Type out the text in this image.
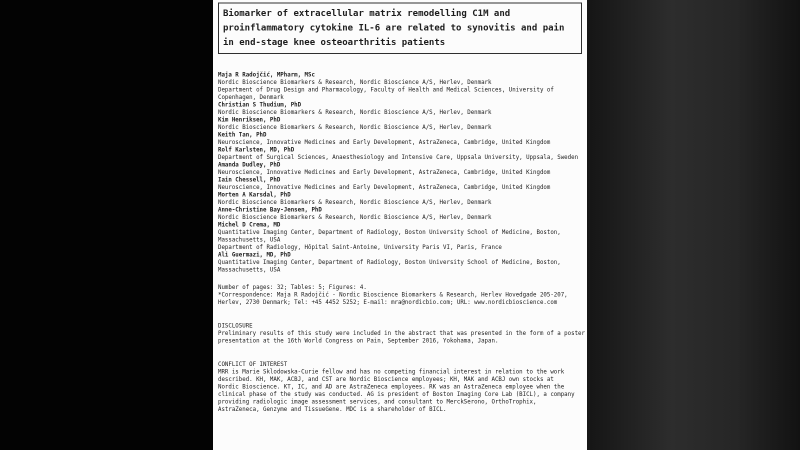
Biomarker of extracellular matrix remodelling C1M and
proinflammatory cytokine IL-6 are related to synovitis and pain
in end-stage knee osteoarthritis patients
Maja R Radojčić, MPharm, MSc
Nordic Bioscience Biomarkers & Research, Nordic Bioscience A/S, Herlev, Denmark
Department of Drug Design and Pharmacology, Faculty of Health and Medical Sciences, University of Copenhagen, Denmark
Christian S Thudium, PhD
Nordic Bioscience Biomarkers & Research, Nordic Bioscience A/S, Herlev, Denmark
Kim Henriksen, PhD
Nordic Bioscience Biomarkers & Research, Nordic Bioscience A/S, Herlev, Denmark
Keith Tan, PhD
Neuroscience, Innovative Medicines and Early Development, AstraZeneca, Cambridge, United Kingdom
Rolf Karlsten, MD, PhD
Department of Surgical Sciences, Anaesthesiology and Intensive Care, Uppsala University, Uppsala, Sweden
Amanda Dudley, PhD
Neuroscience, Innovative Medicines and Early Development, AstraZeneca, Cambridge, United Kingdom
Iain Chessell, PhD
Neuroscience, Innovative Medicines and Early Development, AstraZeneca, Cambridge, United Kingdom
Morten A Karsdal, PhD
Nordic Bioscience Biomarkers & Research, Nordic Bioscience A/S, Herlev, Denmark
Anne-Christine Bay-Jensen, PhD
Nordic Bioscience Biomarkers & Research, Nordic Bioscience A/S, Herlev, Denmark
Michel D Crema, MD
Quantitative Imaging Center, Department of Radiology, Boston University School of Medicine, Boston, Massachusetts, USA
Department of Radiology, Hôpital Saint-Antoine, University Paris VI, Paris, France
Ali Guermazi, MD, PhD
Quantitative Imaging Center, Department of Radiology, Boston University School of Medicine, Boston, Massachusetts, USA
Number of pages: 32; Tables: 5; Figures: 4.
*Correspondence: Maja R Radojčić - Nordic Bioscience Biomarkers & Research, Herlev Hovedgade 205-207,
Herlev, 2730 Denmark; Tel: +45 4452 5252; E-mail: mra@nordicbio.com; URL: www.nordicbioscience.com
DISCLOSURE
Preliminary results of this study were included in the abstract that was presented in the form of a poster
presentation at the 16th World Congress on Pain, September 2016, Yokohama, Japan.
CONFLICT OF INTEREST
MRR is Marie Sklodowska-Curie fellow and has no competing financial interest in relation to the work
described. KH, MAK, ACBJ, and CST are Nordic Bioscience employees; KH, MAK and ACBJ own stocks at
Nordic Bioscience. KT, IC, and AD are AstraZeneca employees. RK was an AstraZeneca employee when the
clinical phase of the study was conducted. AG is president of Boston Imaging Core Lab (BICL), a company
providing radiologic image assessment services, and consultant to MerckSerono, OrthoTrophix,
AstraZeneca, Genzyme and TissueGene. MDC is a shareholder of BICL.
